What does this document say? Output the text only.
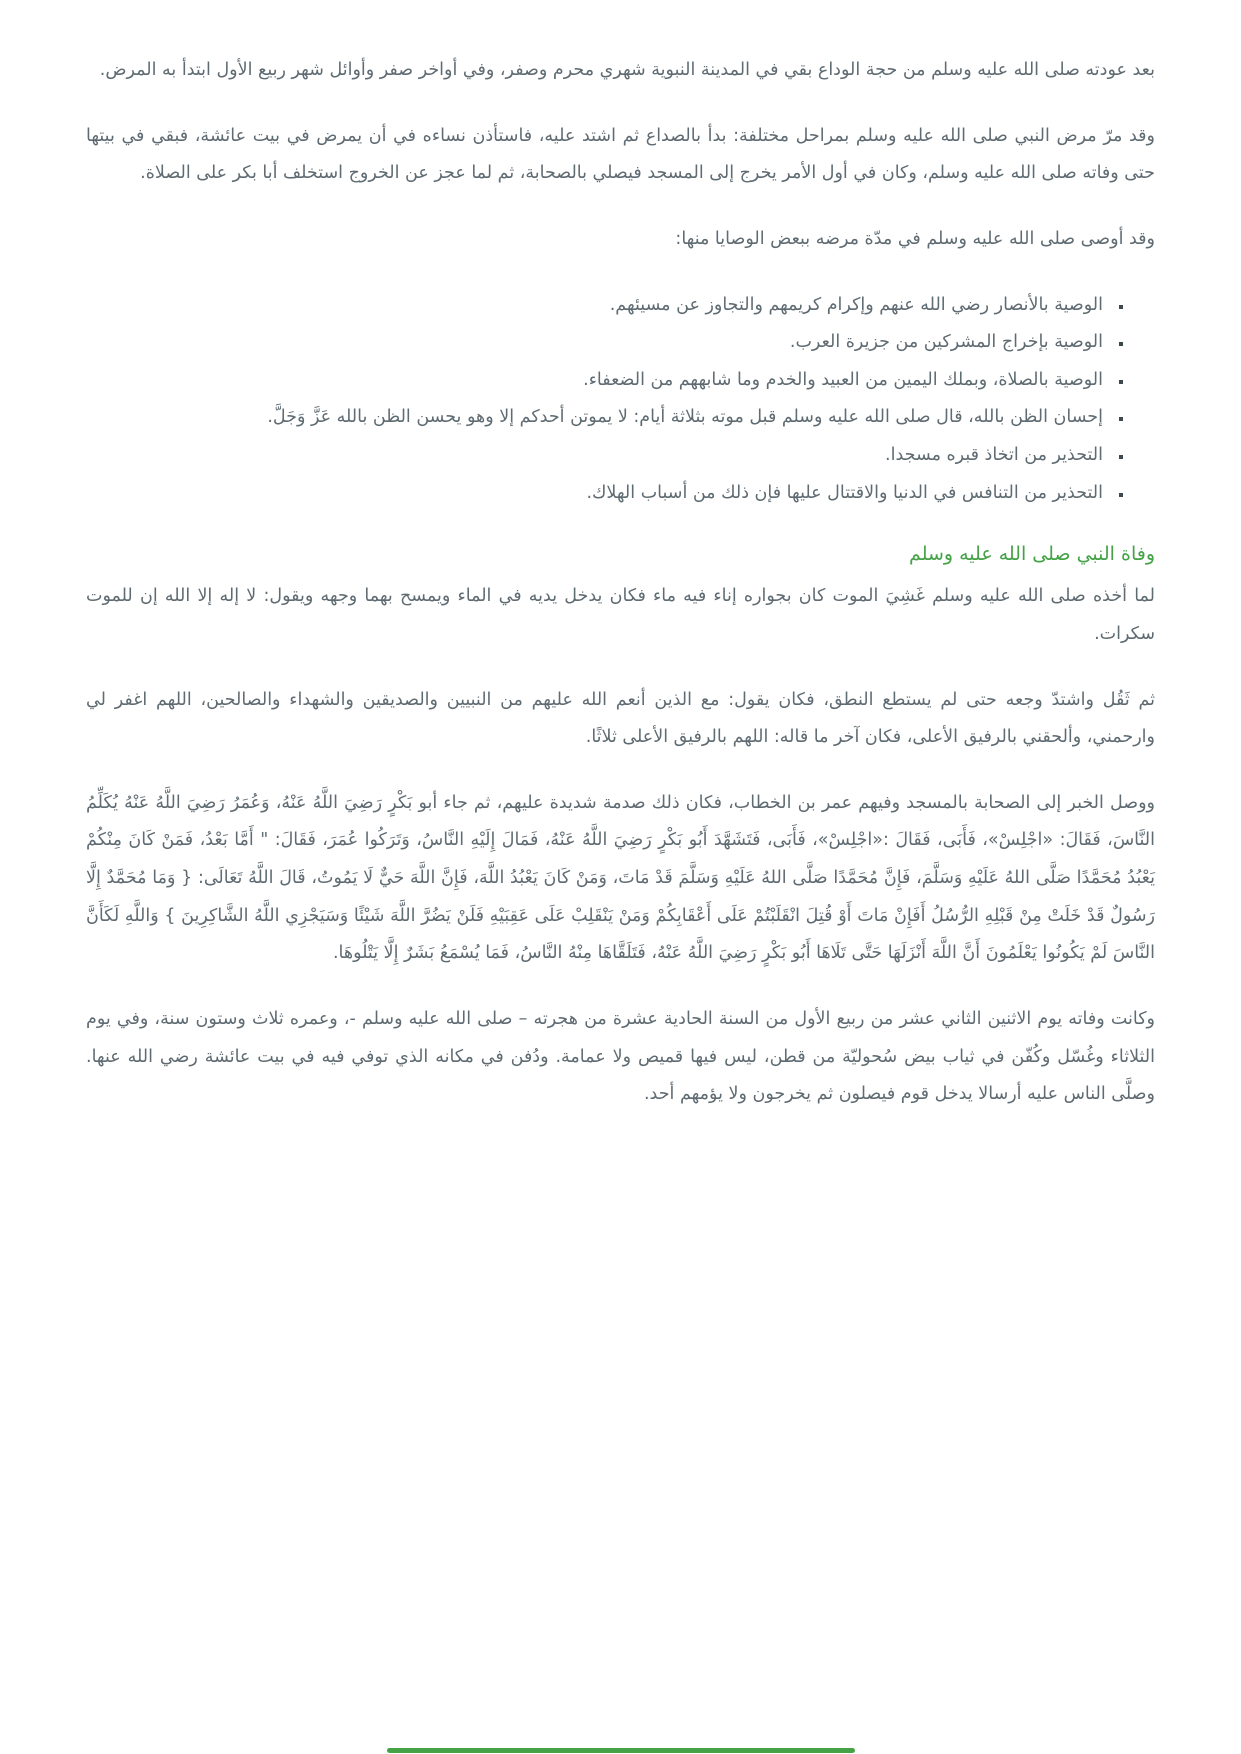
بعد عودته صلى الله عليه وسلم من حجة الوداع بقي في المدينة النبوية شهري محرم وصفر، وفي أواخر صفر وأوائل شهر ربيع الأول ابتدأ به المرض.

وقد مرّ مرض النبي صلى الله عليه وسلم بمراحل مختلفة: بدأ بالصداع ثم اشتد عليه، فاستأذن نساءه في أن يمرض في بيت عائشة، فبقي في بيتها حتى وفاته صلى الله عليه وسلم، وكان في أول الأمر يخرج إلى المسجد فيصلي بالصحابة، ثم لما عجز عن الخروج استخلف أبا بكر على الصلاة.

وقد أوصى صلى الله عليه وسلم في مدّة مرضه ببعض الوصايا منها:

▪ الوصية بالأنصار رضي الله عنهم وإكرام كريمهم والتجاوز عن مسيئهم.
▪ الوصية بإخراج المشركين من جزيرة العرب.
▪ الوصية بالصلاة، وبملك اليمين من العبيد والخدم وما شابههم من الضعفاء.
▪ إحسان الظن بالله، قال صلى الله عليه وسلم قبل موته بثلاثة أيام: لا يموتن أحدكم إلا وهو يحسن الظن بالله عَزَّ وَجَلَّ.
▪ التحذير من اتخاذ قبره مسجدا.
▪ التحذير من التنافس في الدنيا والاقتتال عليها فإن ذلك من أسباب الهلاك.
وفاة النبي صلى الله عليه وسلم

لما أخذه صلى الله عليه وسلم غَشِيَ الموت كان بجواره إناء فيه ماء فكان يدخل يديه في الماء ويمسح بهما وجهه ويقول: لا إله إلا الله إن للموت سكرات.

ثم ثَقُل واشتدّ وجعه حتى لم يستطع النطق، فكان يقول: مع الذين أنعم الله عليهم من النبيين والصديقين والشهداء والصالحين، اللهم اغفر لي وارحمني، وألحقني بالرفيق الأعلى، فكان آخر ما قاله: اللهم بالرفيق الأعلى ثلاثًا.

ووصل الخبر إلى الصحابة بالمسجد وفيهم عمر بن الخطاب، فكان ذلك صدمة شديدة عليهم، ثم جاء أبو بَكْرٍ رَضِيَ اللَّهُ عَنْهُ، وَعُمَرُ رَضِيَ اللَّهُ عَنْهُ يُكَلِّمُ النَّاسَ، فَقَالَ: «اجْلِسْ»، فَأَبَى، فَقَالَ :«اجْلِسْ»، فَأَبَى، فَتَشَهَّدَ أَبُو بَكْرٍ رَضِيَ اللَّهُ عَنْهُ، فَمَالَ إِلَيْهِ النَّاسُ، وَتَرَكُوا عُمَرَ، فَقَالَ: " أَمَّا بَعْدُ، فَمَنْ كَانَ مِنْكُمْ يَعْبُدُ مُحَمَّدًا صَلَّى اللهُ عَلَيْهِ وَسَلَّمَ، فَإِنَّ مُحَمَّدًا صَلَّى اللهُ عَلَيْهِ وَسَلَّمَ قَدْ مَاتَ، وَمَنْ كَانَ يَعْبُدُ اللَّهَ، فَإِنَّ اللَّهَ حَيٌّ لَا يَمُوتُ، قَالَ اللَّهُ تَعَالَى: { وَمَا مُحَمَّدٌ إِلَّا رَسُولٌ قَدْ خَلَتْ مِنْ قَبْلِهِ الرُّسُلُ أَفَإِنْ مَاتَ أَوْ قُتِلَ انْقَلَبْتُمْ عَلَى أَعْقَابِكُمْ وَمَنْ يَنْقَلِبْ عَلَى عَقِبَيْهِ فَلَنْ يَضُرَّ اللَّهَ شَيْئًا وَسَيَجْزِي اللَّهُ الشَّاكِرِينَ } وَاللَّهِ لَكَأَنَّ النَّاسَ لَمْ يَكُونُوا يَعْلَمُونَ أَنَّ اللَّهَ أَنْزَلَهَا حَتَّى تَلَاهَا أَبُو بَكْرٍ رَضِيَ اللَّهُ عَنْهُ، فَتَلَقَّاهَا مِنْهُ النَّاسُ، فَمَا يُسْمَعُ بَشَرٌ إِلَّا يَتْلُوهَا.

وكانت وفاته يوم الاثنين الثاني عشر من ربيع الأول من السنة الحادية عشرة من هجرته – صلى الله عليه وسلم -، وعمره ثلاث وستون سنة، وفي يوم الثلاثاء وغُسّل وكُفّن في ثياب بيض سُحوليّة من قطن، ليس فيها قميص ولا عمامة. ودُفن في مكانه الذي توفي فيه في بيت عائشة رضي الله عنها. وصلَّى الناس عليه أرسالا يدخل قوم فيصلون ثم يخرجون ولا يؤمهم أحد.
